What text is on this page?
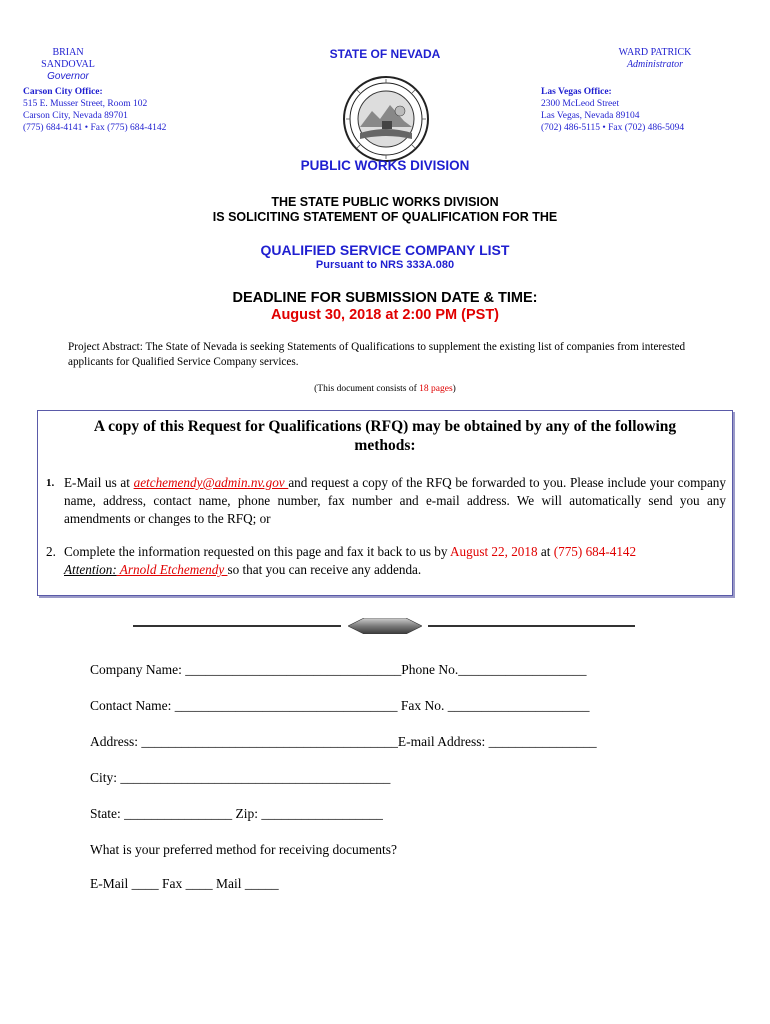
BRIAN SANDOVAL
Governor
STATE OF NEVADA	WARD PATRICK
Administrator
Carson City Office:
515 E. Musser Street, Room 102
Carson City, Nevada 89701
(775) 684-4141 • Fax (775) 684-4142
Las Vegas Office:
2300 McLeod Street
Las Vegas, Nevada 89104
(702) 486-5115 • Fax (702) 486-5094
PUBLIC WORKS DIVISION
THE STATE PUBLIC WORKS DIVISION
IS SOLICITING STATEMENT OF QUALIFICATION FOR THE
QUALIFIED SERVICE COMPANY LIST
Pursuant to NRS 333A.080
DEADLINE FOR SUBMISSION DATE & TIME:
August 30, 2018 at 2:00 PM (PST)
Project Abstract: The State of Nevada is seeking Statements of Qualifications to supplement the existing list of companies from interested applicants for Qualified Service Company services.
(This document consists of 18 pages)
A copy of this Request for Qualifications (RFQ) may be obtained by any of the following
methods:
1. E-Mail us at aetchemendy@admin.nv.gov and request a copy of the RFQ be forwarded to you. Please include your company name, address, contact name, phone number, fax number and e-mail address. We will automatically send you any amendments or changes to the RFQ; or
2. Complete the information requested on this page and fax it back to us by August 22, 2018 at (775) 684-4142
Attention: Arnold Etchemendy so that you can receive any addenda.
Company Name: ________________________________Phone No.___________________
Contact Name: _________________________________ Fax No. _____________________
Address: ______________________________________E-mail Address: ________________
City: ________________________________________
State: ________________ Zip: __________________
What is your preferred method for receiving documents?
E-Mail ____ Fax ____ Mail _____
